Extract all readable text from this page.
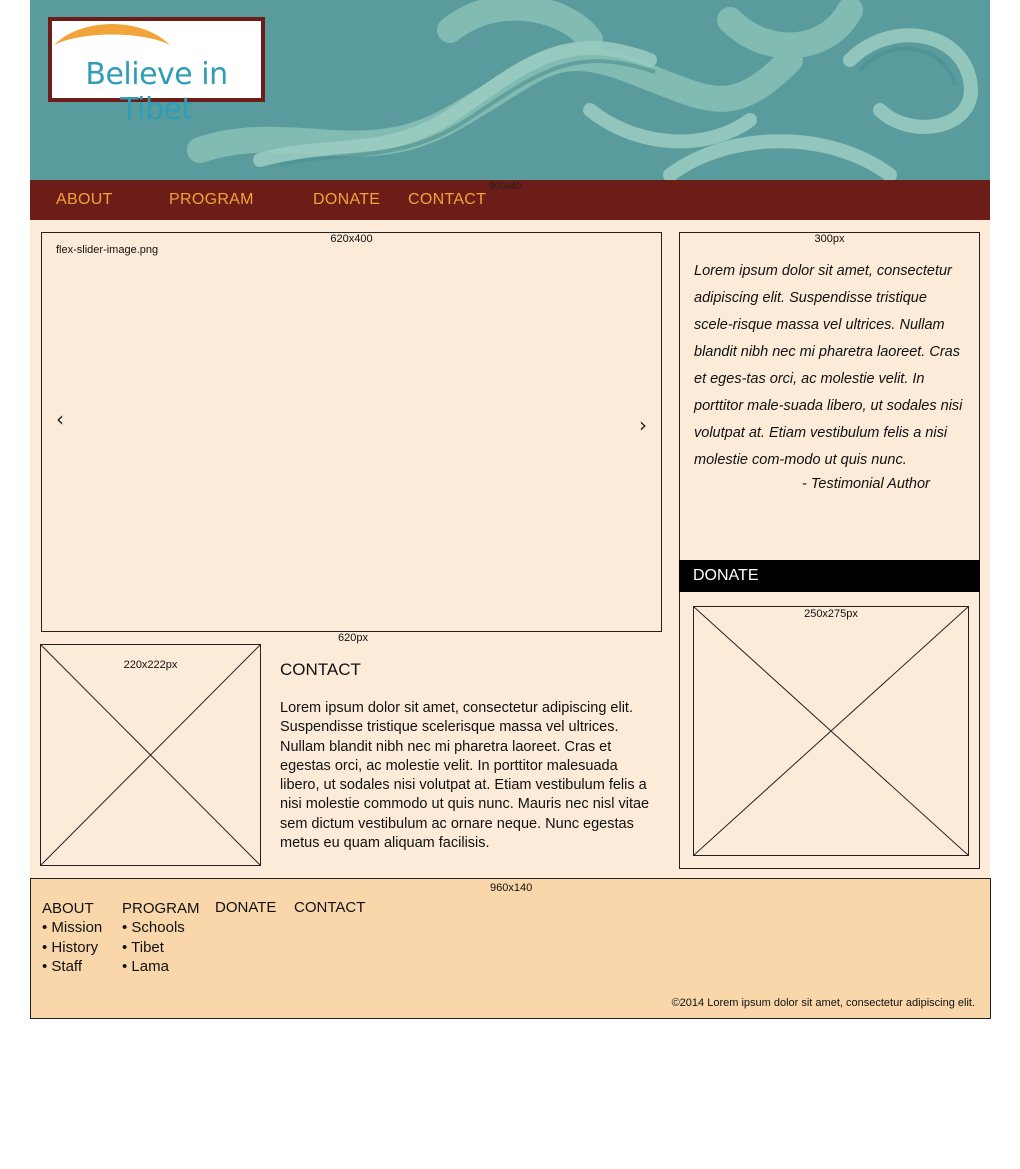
Believe in Tibet
ABOUT	PROGRAM	DONATE CONTACT
960x40
620x400
flex-slider-image.png
‹	›
620px
300px
Lorem ipsum dolor sit amet, consectetur adipiscing elit. Suspendisse tristique scele-risque massa vel ultrices. Nullam blandit nibh nec mi pharetra laoreet. Cras et eges-tas orci, ac molestie velit. In porttitor male-suada libero, ut sodales nisi volutpat at. Etiam vestibulum felis a nisi molestie com-modo ut quis nunc.
- Testimonial Author
DONATE
250x275px
220x222px	CONTACT
Lorem ipsum dolor sit amet, consectetur adipiscing elit. Suspendisse tristique scelerisque massa vel ultrices. Nullam blandit nibh nec mi pharetra laoreet. Cras et egestas orci, ac molestie velit. In porttitor malesuada libero, ut sodales nisi volutpat at. Etiam vestibulum felis a nisi molestie commodo ut quis nunc. Mauris nec nisl vitae sem dictum vestibulum ac ornare neque. Nunc egestas metus eu quam aliquam facilisis.
960x140
ABOUT
• Mission
• History
• Staff
PROGRAM
• Schools
• Tibet
• Lama
DONATE CONTACT
©2014 Lorem ipsum dolor sit amet, consectetur adipiscing elit.
